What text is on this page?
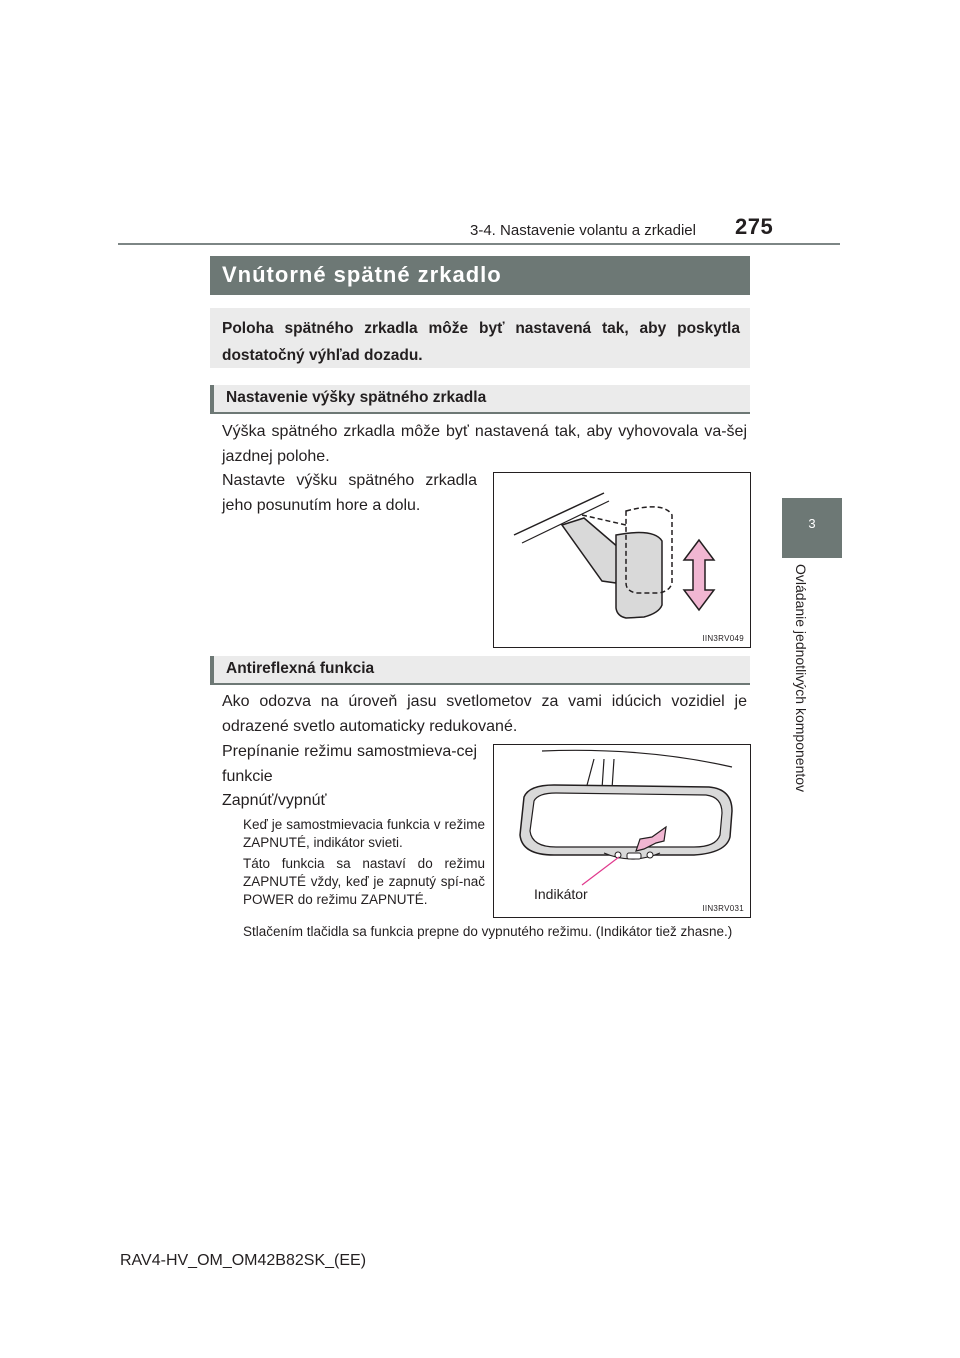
3-4. Nastavenie volantu a zrkadiel 275
3
Ovládanie jednotlivých komponentov
Vnútorné spätné zrkadlo
Poloha spätného zrkadla môže byť nastavená tak, aby poskytla dostatočný výhľad dozadu.
Nastavenie výšky spätného zrkadla
Výška spätného zrkadla môže byť nastavená tak, aby vyhovovala va-šej jazdnej polohe.
Nastavte výšku spätného zrkadla jeho posunutím hore a dolu.
IIN3RV049
Antireflexná funkcia
Ako odozva na úroveň jasu svetlometov za vami idúcich vozidiel je odrazené svetlo automaticky redukované.
Prepínanie režimu samostmieva-cej funkcie
Zapnúť/vypnúť
Keď je samostmievacia funkcia v režime ZAPNUTÉ, indikátor svieti.
Táto funkcia sa nastaví do režimu ZAPNUTÉ vždy, keď je zapnutý spí-nač POWER do režimu ZAPNUTÉ.
Stlačením tlačidla sa funkcia prepne do vypnutého režimu. (Indikátor tiež zhasne.)
Indikátor
IIN3RV031
RAV4-HV_OM_OM42B82SK_(EE)
